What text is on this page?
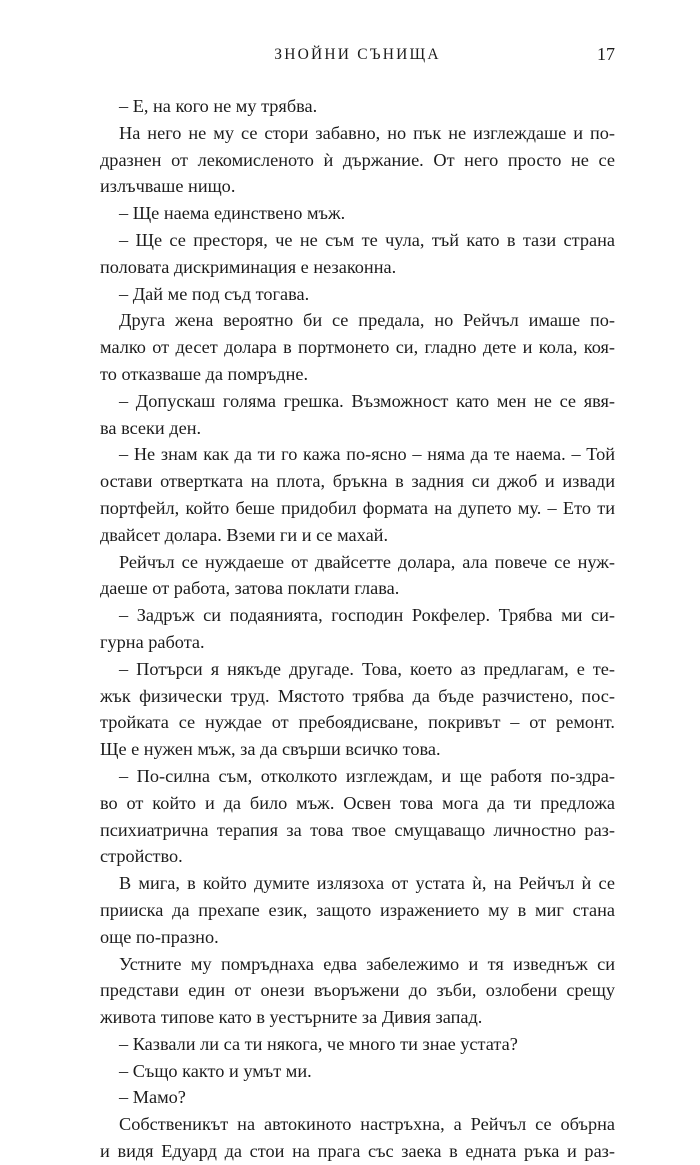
ЗНОЙНИ СЪНИЩА	17
– Е, на кого не му трябва.
На него не му се стори забавно, но пък не изглеждаше и по-
дразнен от лекомисленото ѝ държание. От него просто не се
излъчваше нищо.
– Ще наема единствено мъж.
– Ще се престоря, че не съм те чула, тъй като в тази страна
половата дискриминация е незаконна.
– Дай ме под съд тогава.
Друга жена вероятно би се предала, но Рейчъл имаше по-
малко от десет долара в портмонето си, гладно дете и кола, коя-
то отказваше да помръдне.
– Допускаш голяма грешка. Възможност като мен не се явя-
ва всеки ден.
– Не знам как да ти го кажа по-ясно – няма да те наема. – Той
остави отвертката на плота, бръкна в задния си джоб и извади
портфейл, който беше придобил формата на дупето му. – Ето ти
двайсет долара. Вземи ги и се махай.
Рейчъл се нуждаеше от двайсетте долара, ала повече се нуж-
даеше от работа, затова поклати глава.
– Задръж си подаянията, господин Рокфелер. Трябва ми си-
гурна работа.
– Потърси я някъде другаде. Това, което аз предлагам, е те-
жък физически труд. Мястото трябва да бъде разчистено, пос-
тройката се нуждае от пребоядисване, покривът – от ремонт.
Ще е нужен мъж, за да свърши всичко това.
– По-силна съм, отколкото изглеждам, и ще работя по-здра-
во от който и да било мъж. Освен това мога да ти предложа
психиатрична терапия за това твое смущаващо личностно раз-
стройство.
В мига, в който думите излязоха от устата ѝ, на Рейчъл ѝ се
прииска да прехапе език, защото изражението му в миг стана
още по-празно.
Устните му помръднаха едва забележимо и тя изведнъж си
представи един от онези въоръжени до зъби, озлобени срещу
живота типове като в уестърните за Дивия запад.
– Казвали ли са ти някога, че много ти знае устата?
– Също както и умът ми.
– Мамо?
Собственикът на автокиното настръхна, а Рейчъл се обърна
и видя Едуард да стои на прага със заека в едната ръка и раз-
